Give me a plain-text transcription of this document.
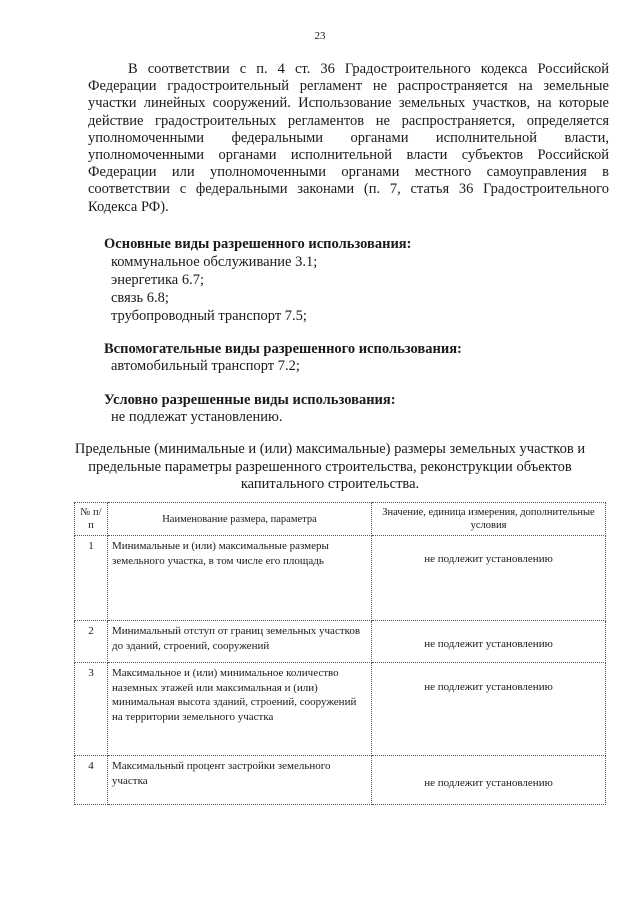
23

В соответствии с п. 4 ст. 36 Градостроительного кодекса Российской Федерации градостроительный регламент не распространяется на земельные участки линейных сооружений. Использование земельных участков, на которые действие градостроительных регламентов не распространяется, определяется уполномоченными федеральными органами исполнительной власти, уполномоченными органами исполнительной власти субъектов Российской Федерации или уполномоченными органами местного самоуправления в соответствии с федеральными законами (п. 7, статья 36 Градостроительного Кодекса РФ).

Основные виды разрешенного использования:

коммунальное обслуживание 3.1;

энергетика 6.7;

связь 6.8;

трубопроводный транспорт 7.5;

Вспомогательные виды разрешенного использования:

автомобильный транспорт 7.2;

Условно разрешенные виды использования:

не подлежат установлению.

Предельные (минимальные и (или) максимальные) размеры земельных участков и предельные параметры разрешенного строительства, реконструкции объектов капитального строительства.

№ п/п	Наименование размера, параметра	Значение, единица измерения, дополнительные условия
1	Минимальные и (или) максимальные размеры земельного участка, в том числе его площадь	не подлежит установлению

2	Минимальный отступ от границ земельных участков до зданий, строений, сооружений	не подлежит установлению

3	Максимальное и (или) минимальное количество наземных этажей или максимальная и (или) минимальная высота зданий, строений, сооружений на территории земельного участка	не подлежит установлению

4	Максимальный процент застройки земельного участка	не подлежит установлению
